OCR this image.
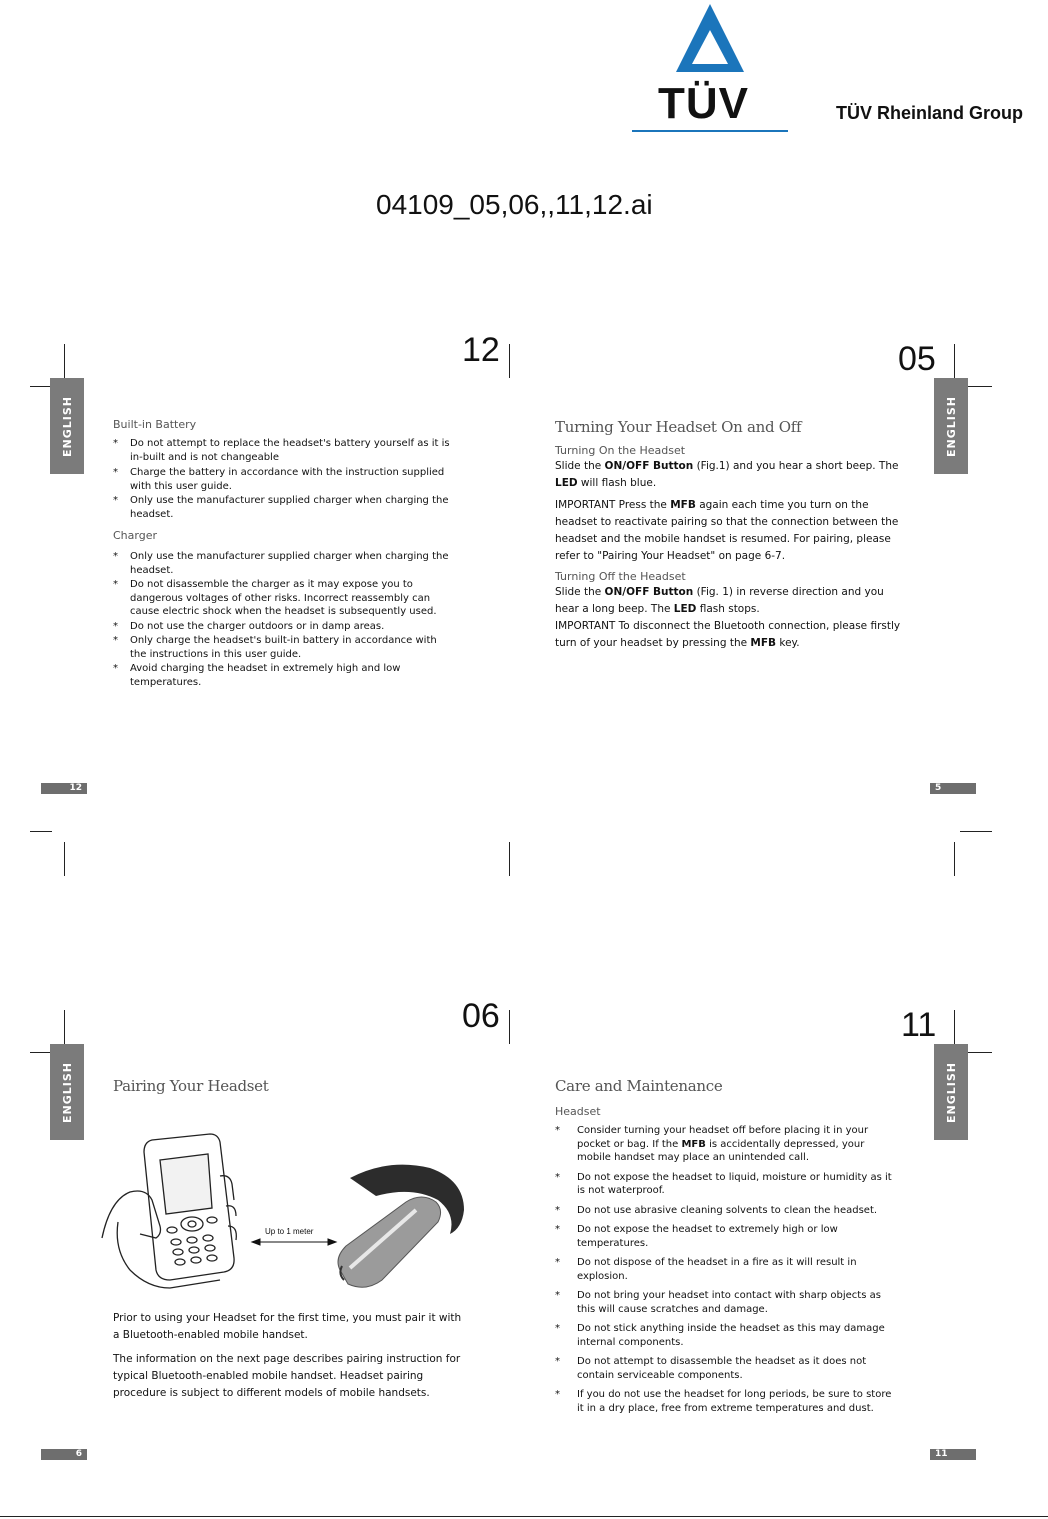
TÜV	TÜV Rheinland Group
04109_05,06,,11,12.ai
12
ENGLISH	Built-in Battery
* Do not attempt to replace the headset's battery yourself as it is in-built and is not changeable
* Charge the battery in accordance with the instruction supplied with this user guide.
* Only use the manufacturer supplied charger when charging the headset.
Charger
* Only use the manufacturer supplied charger when charging the headset.
* Do not disassemble the charger as it may expose you to dangerous voltages of other risks. Incorrect reassembly can cause electric shock when the headset is subsequently used.
* Do not use the charger outdoors or in damp areas.
* Only charge the headset's built-in battery in accordance with the instructions in this user guide.
* Avoid charging the headset in extremely high and low temperatures.
12
05
ENGLISH
Turning Your Headset On and Off
Turning On the Headset
Slide the ON/OFF Button (Fig.1) and you hear a short beep. The LED will flash blue.
IMPORTANT Press the MFB again each time you turn on the headset to reactivate pairing so that the connection between the headset and the mobile handset is resumed. For pairing, please refer to "Pairing Your Headset" on page 6-7.
Turning Off the Headset
Slide the ON/OFF Button (Fig. 1) in reverse direction and you hear a long beep. The LED flash stops.
IMPORTANT To disconnect the Bluetooth connection, please firstly turn of your headset by pressing the MFB key.
5
06
ENGLISH	Pairing Your Headset
Up to 1 meter
Prior to using your Headset for the first time, you must pair it with a Bluetooth-enabled mobile handset.
The information on the next page describes pairing instruction for typical Bluetooth-enabled mobile handset. Headset pairing procedure is subject to different models of mobile handsets.
6
11
ENGLISH
Care and Maintenance
Headset
* Consider turning your headset off before placing it in your pocket or bag. If the MFB is accidentally depressed, your mobile handset may place an unintended call.
* Do not expose the headset to liquid, moisture or humidity as it is not waterproof.
* Do not use abrasive cleaning solvents to clean the headset.
* Do not expose the headset to extremely high or low temperatures.
* Do not dispose of the headset in a fire as it will result in explosion.
* Do not bring your headset into contact with sharp objects as this will cause scratches and damage.
* Do not stick anything inside the headset as this may damage internal components.
* Do not attempt to disassemble the headset as it does not contain serviceable components.
* If you do not use the headset for long periods, be sure to store it in a dry place, free from extreme temperatures and dust.
11
